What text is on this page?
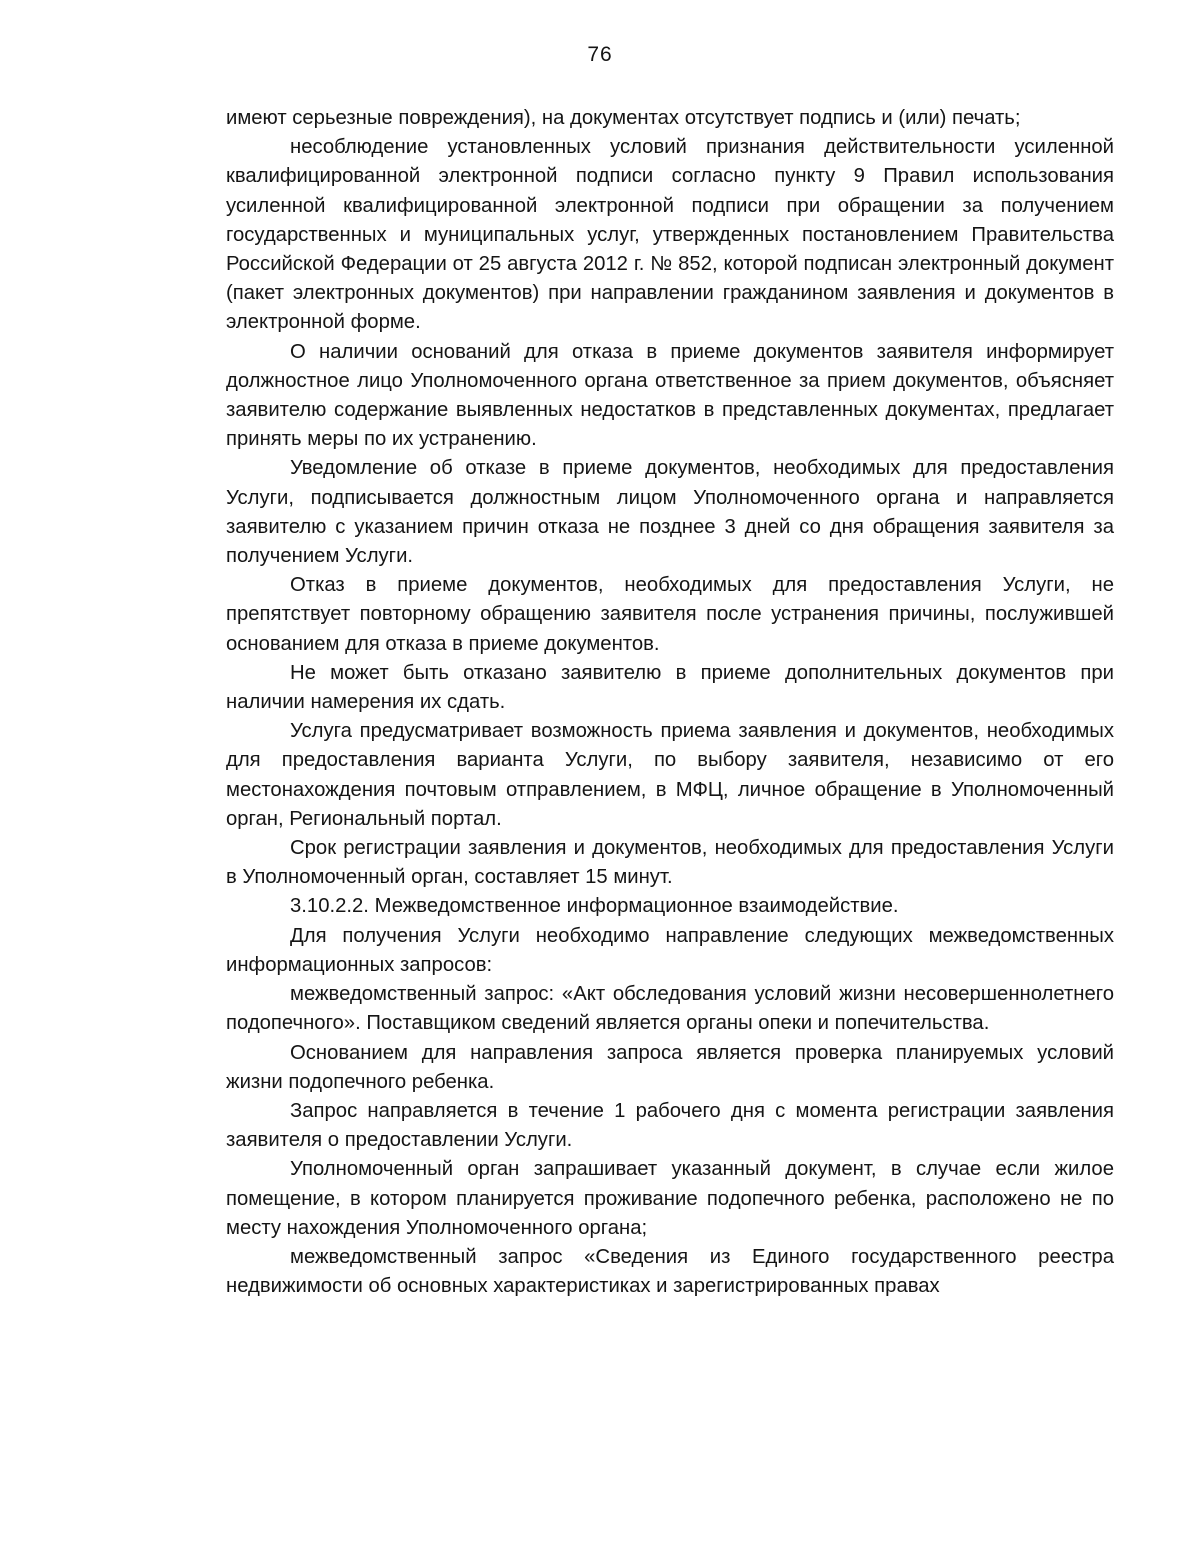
76

имеют серьезные повреждения), на документах отсутствует подпись и (или) печать;

несоблюдение установленных условий признания действительности усиленной квалифицированной электронной подписи согласно пункту 9 Правил использования усиленной квалифицированной электронной подписи при обращении за получением государственных и муниципальных услуг, утвержденных постановлением Правительства Российской Федерации от 25 августа 2012 г. № 852, которой подписан электронный документ (пакет электронных документов) при направлении гражданином заявления и документов в электронной форме.

О наличии оснований для отказа в приеме документов заявителя информирует должностное лицо Уполномоченного органа ответственное за прием документов, объясняет заявителю содержание выявленных недостатков в представленных документах, предлагает принять меры по их устранению.

Уведомление об отказе в приеме документов, необходимых для предоставления Услуги, подписывается должностным лицом Уполномоченного органа и направляется заявителю с указанием причин отказа не позднее 3 дней со дня обращения заявителя за получением Услуги.

Отказ в приеме документов, необходимых для предоставления Услуги, не препятствует повторному обращению заявителя после устранения причины, послужившей основанием для отказа в приеме документов.

Не может быть отказано заявителю в приеме дополнительных документов при наличии намерения их сдать.

Услуга предусматривает возможность приема заявления и документов, необходимых для предоставления варианта Услуги, по выбору заявителя, независимо от его местонахождения почтовым отправлением, в МФЦ, личное обращение в Уполномоченный орган, Региональный портал.

Срок регистрации заявления и документов, необходимых для предоставления Услуги в Уполномоченный орган, составляет 15 минут.

3.10.2.2. Межведомственное информационное взаимодействие.

Для получения Услуги необходимо направление следующих межведомственных информационных запросов:

межведомственный запрос: «Акт обследования условий жизни несовершеннолетнего подопечного». Поставщиком сведений является органы опеки и попечительства.

Основанием для направления запроса является проверка планируемых условий жизни подопечного ребенка.

Запрос направляется в течение 1 рабочего дня с момента регистрации заявления заявителя о предоставлении Услуги.

Уполномоченный орган запрашивает указанный документ, в случае если жилое помещение, в котором планируется проживание подопечного ребенка, расположено не по месту нахождения Уполномоченного органа;

межведомственный запрос «Сведения из Единого государственного реестра недвижимости об основных характеристиках и зарегистрированных правах
